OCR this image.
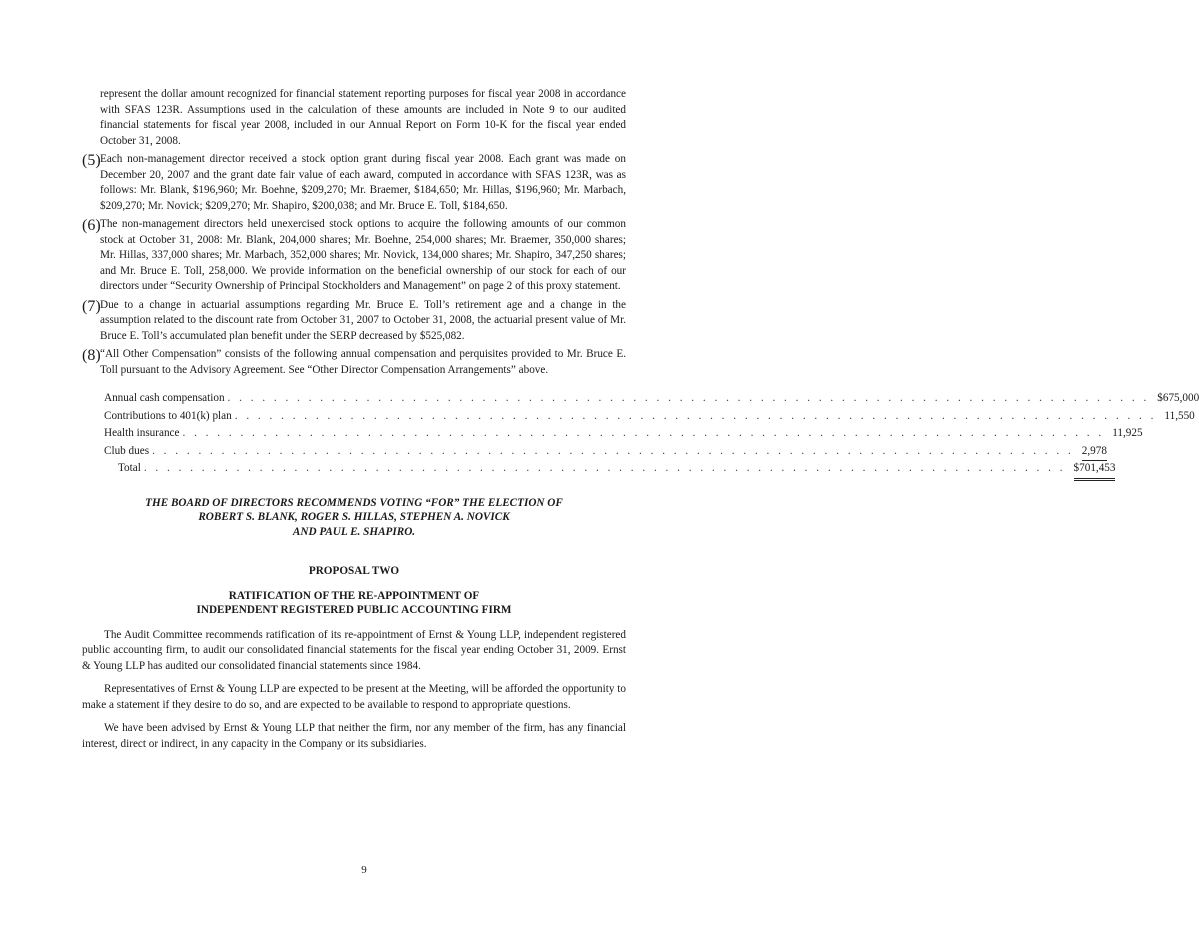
represent the dollar amount recognized for financial statement reporting purposes for fiscal year 2008 in accordance with SFAS 123R. Assumptions used in the calculation of these amounts are included in Note 9 to our audited financial statements for fiscal year 2008, included in our Annual Report on Form 10-K for the fiscal year ended October 31, 2008.

(5) Each non-management director received a stock option grant during fiscal year 2008. Each grant was made on December 20, 2007 and the grant date fair value of each award, computed in accordance with SFAS 123R, was as follows: Mr. Blank, $196,960; Mr. Boehne, $209,270; Mr. Braemer, $184,650; Mr. Hillas, $196,960; Mr. Marbach, $209,270; Mr. Novick; $209,270; Mr. Shapiro, $200,038; and Mr. Bruce E. Toll, $184,650.

(6) The non-management directors held unexercised stock options to acquire the following amounts of our common stock at October 31, 2008: Mr. Blank, 204,000 shares; Mr. Boehne, 254,000 shares; Mr. Braemer, 350,000 shares; Mr. Hillas, 337,000 shares; Mr. Marbach, 352,000 shares; Mr. Novick, 134,000 shares; Mr. Shapiro, 347,250 shares; and Mr. Bruce E. Toll, 258,000. We provide information on the beneficial ownership of our stock for each of our directors under “Security Ownership of Principal Stockholders and Management” on page 2 of this proxy statement.

(7) Due to a change in actuarial assumptions regarding Mr. Bruce E. Toll’s retirement age and a change in the assumption related to the discount rate from October 31, 2007 to October 31, 2008, the actuarial present value of Mr. Bruce E. Toll’s accumulated plan benefit under the SERP decreased by $525,082.

(8) “All Other Compensation” consists of the following annual compensation and perquisites provided to Mr. Bruce E. Toll pursuant to the Advisory Agreement. See “Other Director Compensation Arrangements” above.

Annual cash compensation . . . . . . . . . . . . . . . . . . . . . . . . . . . . . . . . . . . . . . . . . . . . . . . . . . . . . . . . . . . . . . . . . . . . . . . . . . . . . . . . $675,000
Contributions to 401(k) plan . . . . . . . . . . . . . . . . . . . . . . . . . . . . . . . . . . . . . . . . . . . . . . . . . . . . . . . . . . . . . . . . . . . . . . . . . . . . . . . . 11,550
Health insurance . . . . . . . . . . . . . . . . . . . . . . . . . . . . . . . . . . . . . . . . . . . . . . . . . . . . . . . . . . . . . . . . . . . . . . . . . . . . . . . . 11,925
Club dues . . . . . . . . . . . . . . . . . . . . . . . . . . . . . . . . . . . . . . . . . . . . . . . . . . . . . . . . . . . . . . . . . . . . . . . . . . . . . . . . 2,978
Total . . . . . . . . . . . . . . . . . . . . . . . . . . . . . . . . . . . . . . . . . . . . . . . . . . . . . . . . . . . . . . . . . . . . . . . . . . . . . . . . $701,453
THE BOARD OF DIRECTORS RECOMMENDS VOTING “FOR” THE ELECTION OF
ROBERT S. BLANK, ROGER S. HILLAS, STEPHEN A. NOVICK
AND PAUL E. SHAPIRO.
PROPOSAL TWO
RATIFICATION OF THE RE-APPOINTMENT OF
INDEPENDENT REGISTERED PUBLIC ACCOUNTING FIRM

The Audit Committee recommends ratification of its re-appointment of Ernst & Young LLP, independent registered public accounting firm, to audit our consolidated financial statements for the fiscal year ending October 31, 2009. Ernst & Young LLP has audited our consolidated financial statements since 1984.

Representatives of Ernst & Young LLP are expected to be present at the Meeting, will be afforded the opportunity to make a statement if they desire to do so, and are expected to be available to respond to appropriate questions.

We have been advised by Ernst & Young LLP that neither the firm, nor any member of the firm, has any financial interest, direct or indirect, in any capacity in the Company or its subsidiaries.

9
